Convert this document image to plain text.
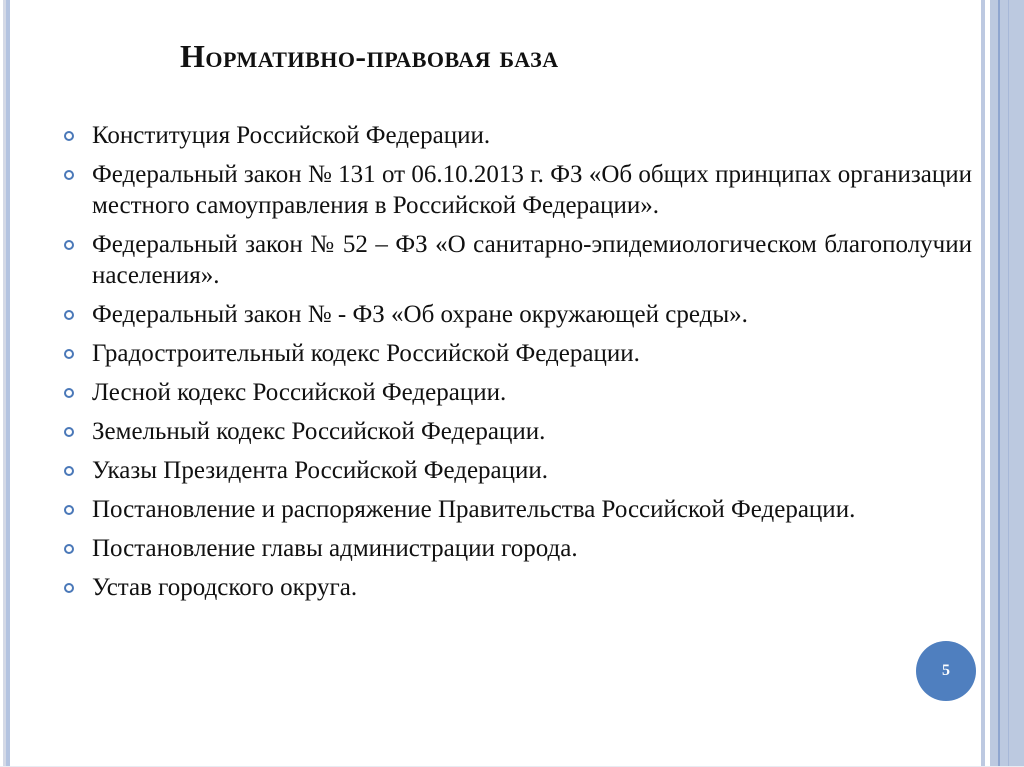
Нормативно-правовая база
Конституция Российской Федерации.
Федеральный закон № 131 от 06.10.2013 г. ФЗ «Об общих принципах организации местного самоуправления в Российской Федерации».
Федеральный закон № 52 – ФЗ «О санитарно-эпидемиологическом благополучии населения».
Федеральный закон № - ФЗ «Об охране окружающей среды».
Градостроительный кодекс Российской Федерации.
Лесной кодекс Российской Федерации.
Земельный кодекс Российской Федерации.
Указы Президента Российской Федерации.
Постановление и распоряжение Правительства Российской Федерации.
Постановление главы администрации города.
Устав городского округа.
5
